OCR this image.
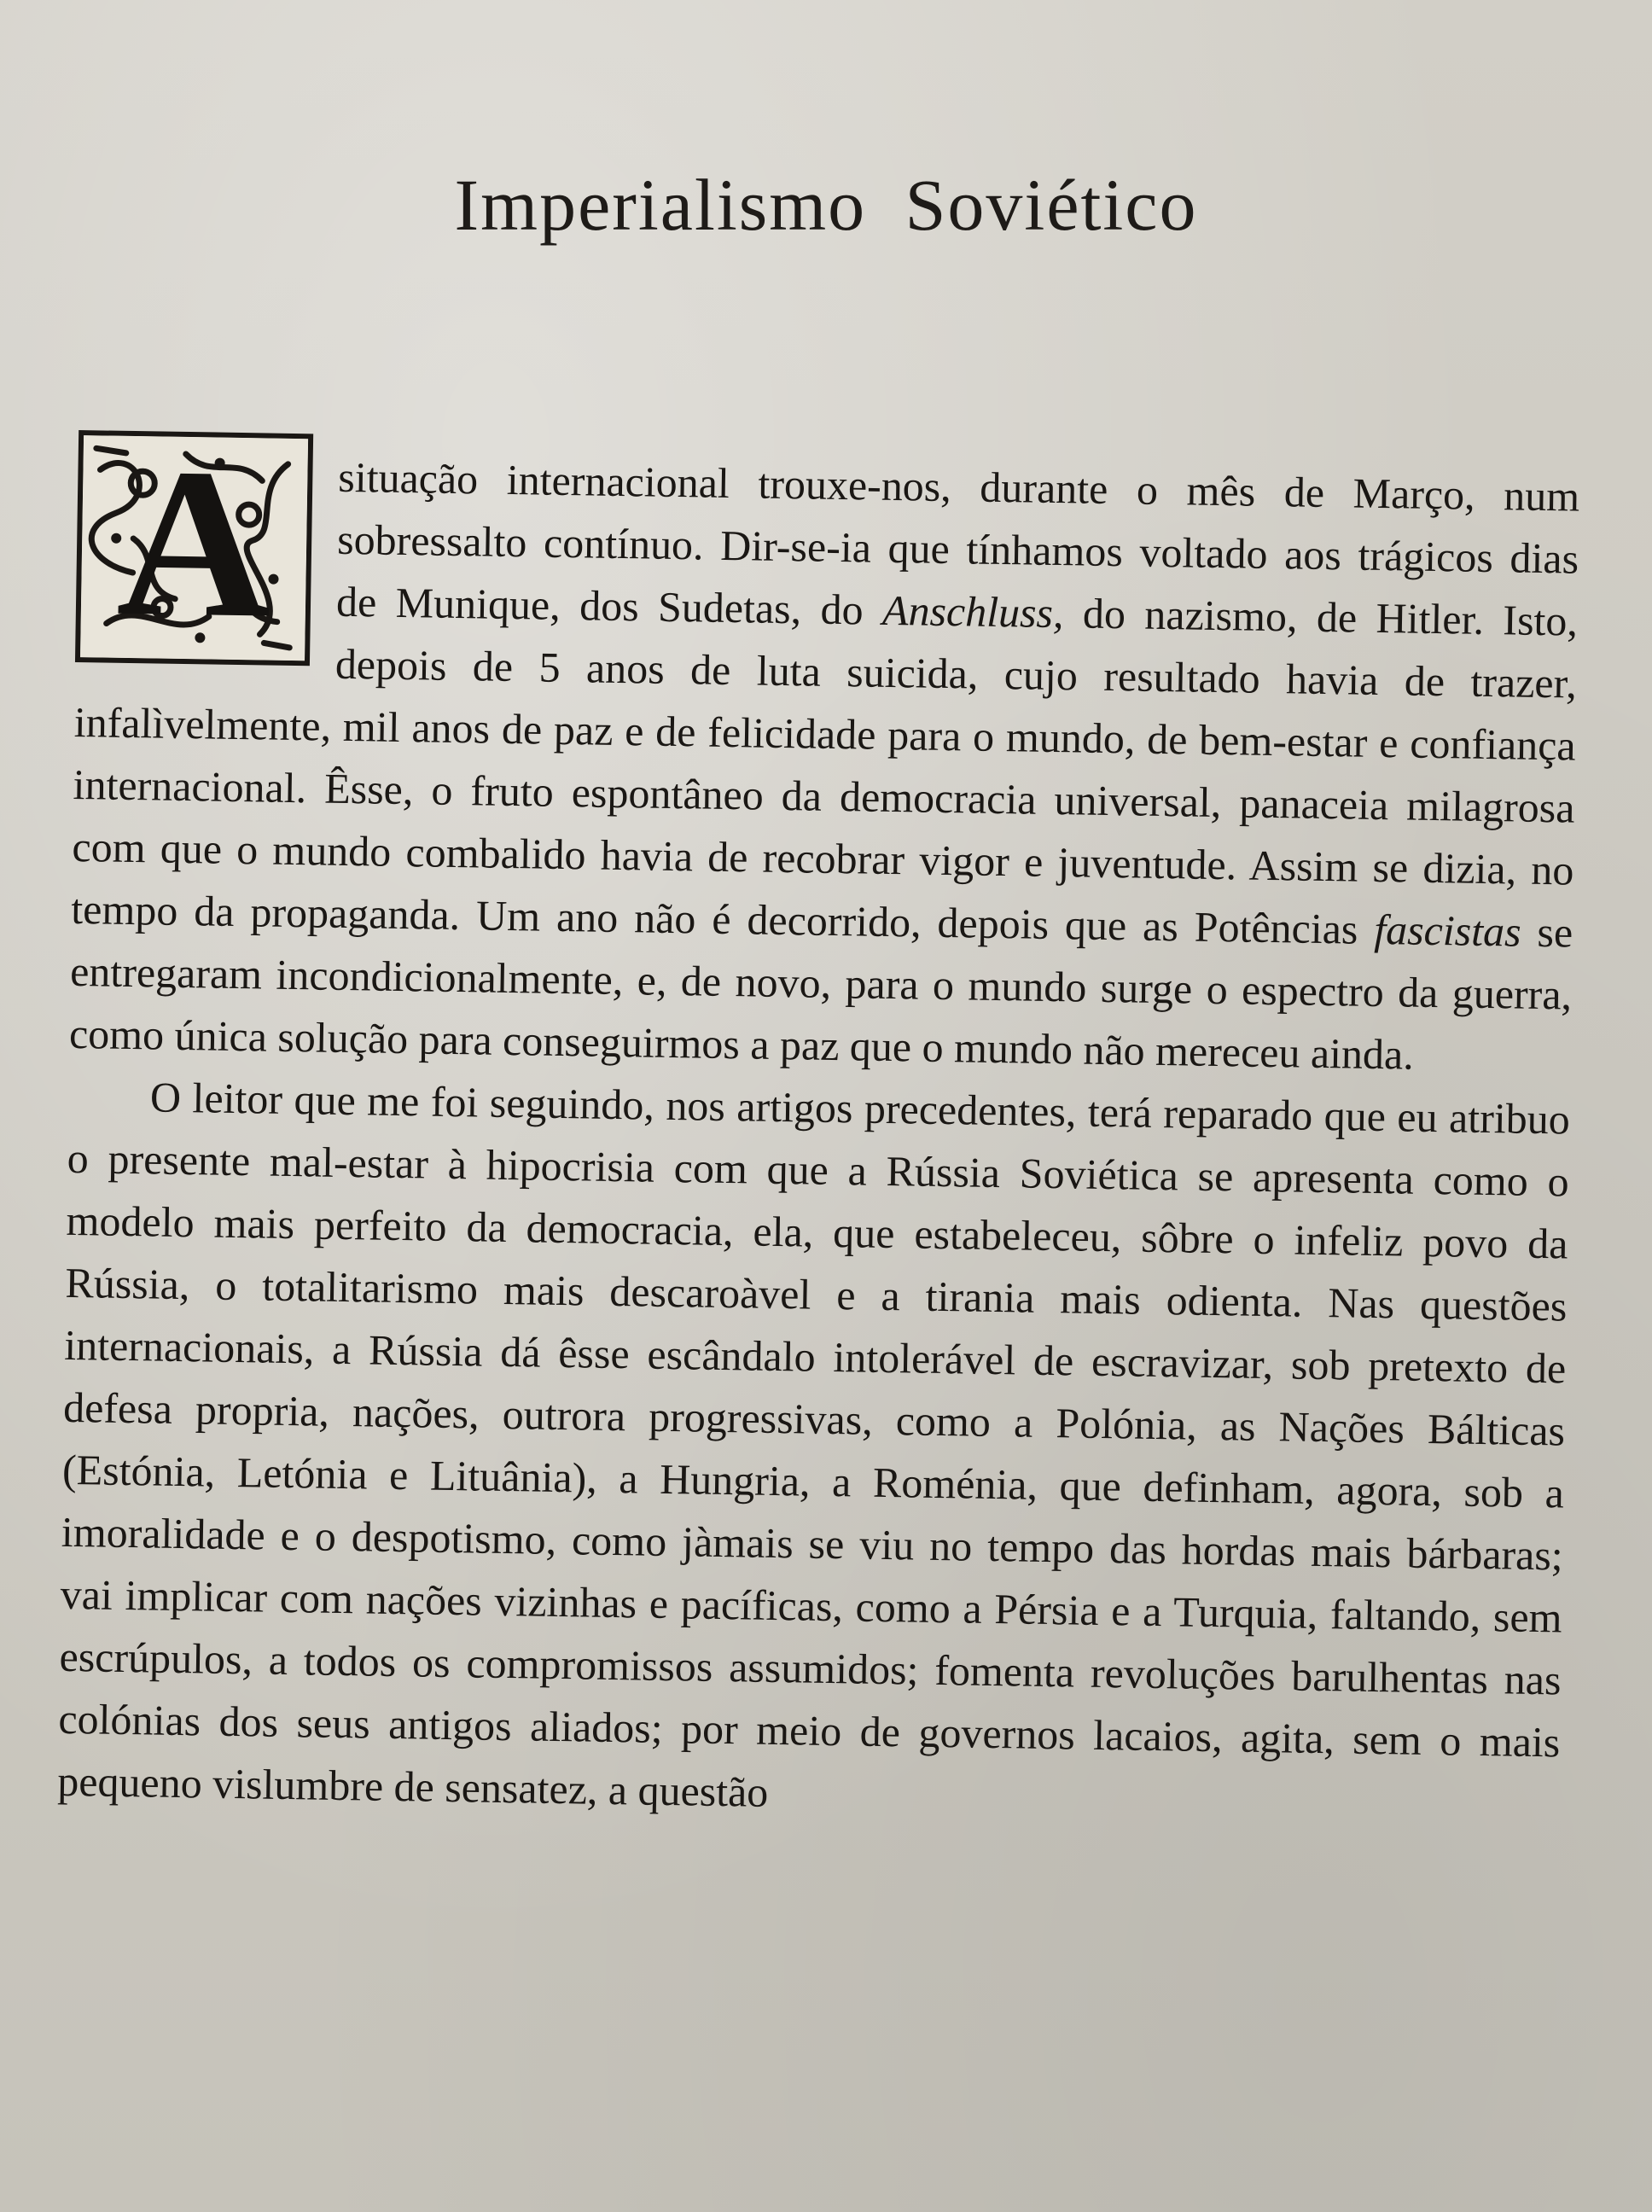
Imperialismo Soviético

A	situação internacional trouxe-nos, durante o mês de Março, num sobressalto contínuo. Dir-se-ia que tínhamos voltado aos trágicos dias de Munique, dos Sudetas, do Anschluss, do nazismo, de Hitler. Isto, depois de 5 anos de luta suicida, cujo resultado havia de trazer, infalìvelmente, mil anos de paz e de felicidade para o mundo, de bem-estar e confiança internacional. Êsse, o fruto espontâneo da democracia universal, panaceia milagrosa com que o mundo combalido havia de recobrar vigor e juventude. Assim se dizia, no tempo da propaganda. Um ano não é decorrido, depois que as Potências fascistas se entregaram incondicionalmente, e, de novo, para o mundo surge o espectro da guerra, como única solução para conseguirmos a paz que o mundo não mereceu ainda.

O leitor que me foi seguindo, nos artigos precedentes, terá reparado que eu atribuo o presente mal-estar à hipocrisia com que a Rússia Soviética se apresenta como o modelo mais perfeito da democracia, ela, que estabeleceu, sôbre o infeliz povo da Rússia, o totalitarismo mais descaroàvel e a tirania mais odienta. Nas questões internacionais, a Rússia dá êsse escândalo intolerável de escravizar, sob pretexto de defesa propria, nações, outrora progressivas, como a Polónia, as Nações Bálticas (Estónia, Letónia e Lituânia), a Hungria, a Roménia, que definham, agora, sob a imoralidade e o despotismo, como jàmais se viu no tempo das hordas mais bárbaras; vai implicar com nações vizinhas e pacíficas, como a Pérsia e a Turquia, faltando, sem escrúpulos, a todos os compromissos assumidos; fomenta revoluções barulhentas nas colónias dos seus antigos aliados; por meio de governos lacaios, agita, sem o mais pequeno vislumbre de sensatez, a questão
